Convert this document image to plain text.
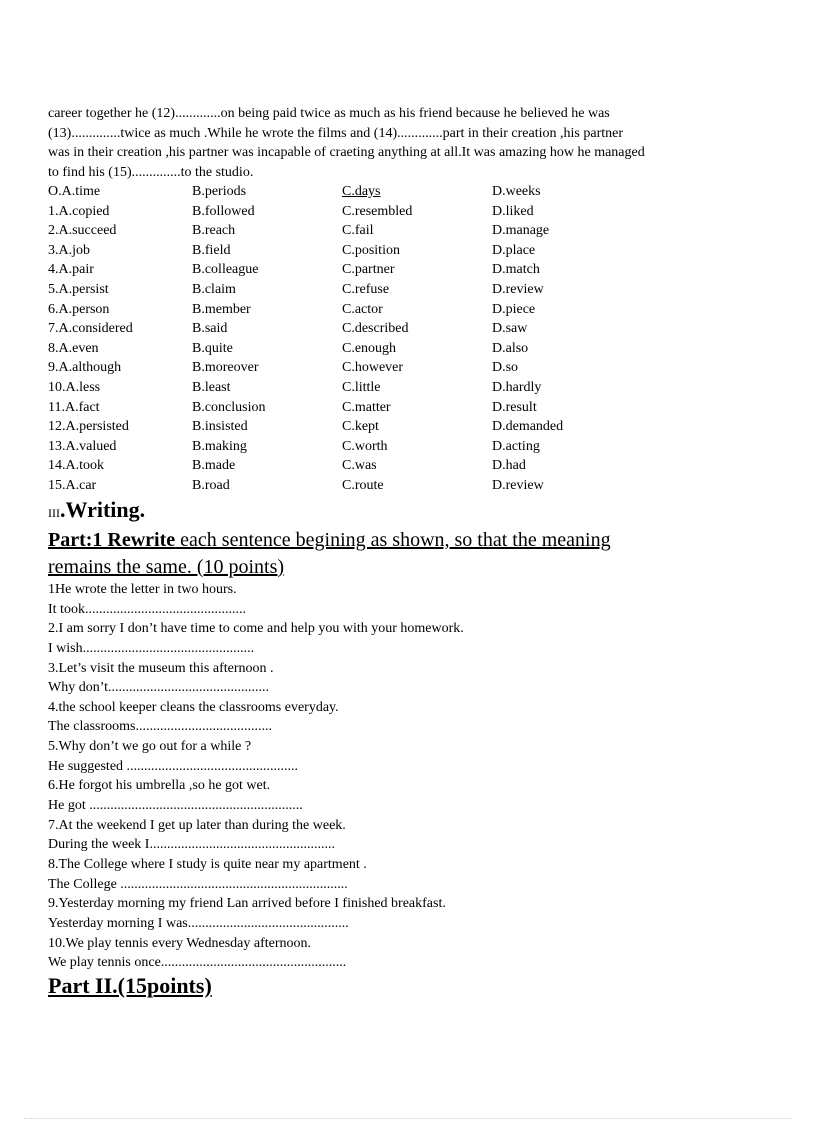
career together he (12).............on being paid twice as much as his friend because he believed he was
(13)..............twice as much .While he wrote the films and (14).............part in their creation ,his partner
was in their creation ,his partner was incapable of craeting anything at all.It was amazing how he managed
to find his (15)..............to the studio.
O.A.time	B.periods	C.days	D.weeks
1.A.copied	B.followed	C.resembled	D.liked
2.A.succeed	B.reach	C.fail	D.manage
3.A.job	B.field	C.position	D.place
4.A.pair	B.colleague	C.partner	D.match
5.A.persist	B.claim	C.refuse	D.review
6.A.person	B.member	C.actor	D.piece
7.A.considered	B.said	C.described	D.saw
8.A.even	B.quite	C.enough	D.also
9.A.although	B.moreover	C.however	D.so
10.A.less	B.least	C.little	D.hardly
11.A.fact	B.conclusion	C.matter	D.result
12.A.persisted	B.insisted	C.kept	D.demanded
13.A.valued	B.making	C.worth	D.acting
14.A.took	B.made	C.was	D.had
15.A.car	B.road	C.route	D.review
III.Writing.
Part:1 Rewrite each sentence begining as shown, so that the meaning
remains the same. (10 points)
1He wrote the letter in two hours.
It took..............................................
2.I am sorry I don’t have time to come and help you with your homework.
I wish.................................................
3.Let’s visit the museum this afternoon .
Why don’t..............................................
4.the school keeper cleans the classrooms everyday.
The classrooms.......................................
5.Why don’t we go out for a while ?
He suggested .................................................
6.He forgot his umbrella ,so he got wet.
He got .............................................................
7.At the weekend I get up later than during the week.
During the week I.....................................................
8.The College where I study is quite near my apartment .
The College .................................................................
9.Yesterday morning my friend Lan arrived before I finished breakfast.
Yesterday morning I was..............................................
10.We play tennis every Wednesday afternoon.
We play tennis once.....................................................
Part II.(15points)
